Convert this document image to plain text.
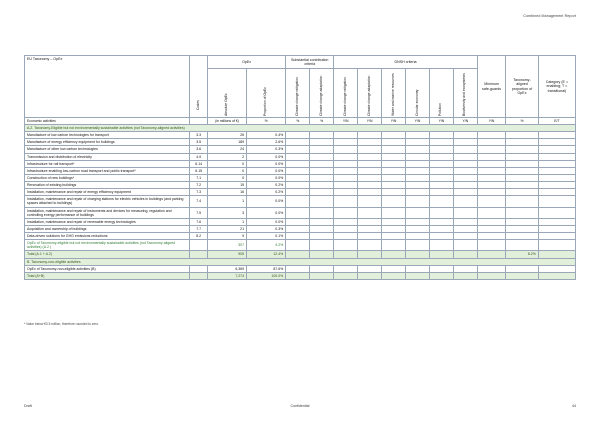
Combined Management Report
EU Taxonomy – OpEx	Codes	OpEx		Substantial contribution criteria		DNSH criteria						Minimum safe-guards	Taxonomy-aligned proportion of OpEx	Category (E = enabling; T = transitional)

		Absolute OpEx	Proportion of OpEx	Climate change mitigation	Climate change adaptation	Climate change mitigation	Climate change adaptation	Water and marine resources	Circular economy	Pollution	Biodiversity and ecosystems			

Economic activities		(in millions of €)	%	%	%	Y/N	Y/N	Y/N	Y/N	Y/N	Y/N	Y/N	%	E/T
A.2. Taxonomy-Eligible but not environmentally sustainable activities (not Taxonomy-aligned activities)														
Manufacture of low carbon technologies for transport	3.3	26	0.4%											
Manufacture of energy efficiency equipment for buildings	3.5	189	2.6%											
Manufacture of other low carbon technologies	3.6	24	0.3%											
Transmission and distribution of electricity	4.9	2	0.0%											
Infrastructure for rail transport*	6.14	0	0.0%											
Infrastructure enabling low-carbon road transport and public transport*	6.15	0	0.0%											
Construction of new buildings*	7.1	0	0.0%											
Renovation of existing buildings	7.2	15	0.2%											
Installation, maintenance and repair of energy efficiency equipment	7.3	16	0.2%											
Installation, maintenance and repair of charging stations for electric vehicles in buildings (and parking spaces attached to buildings)	7.4	1	0.0%											
Installation, maintenance and repair of instruments and devices for measuring, regulation and controlling energy performance of buildings	7.5	3	0.0%											
Installation, maintenance and repair of renewable energy technologies	7.6	1	0.0%											
Acquisition and ownership of buildings	7.7	21	0.3%											
Data-driven solutions for GHG emissions reductions	8.2	9	0.1%											
OpEx of Taxonomy-eligible but not environmentally sustainable activities (not Taxonomy-aligned activities) (A.2.)		307	4.2%											
Total (A.1 + A.2)		905	12.4%										8.2%	
B. Taxonomy-non-eligible activities														
OpEx of Taxonomy-non-eligible activities (B)		6,369	87.6%											
Total (A+B)		7,274	100.0%											
* Value below €0.5 million, therefore rounded to zero.
Draft	Confidential	44
